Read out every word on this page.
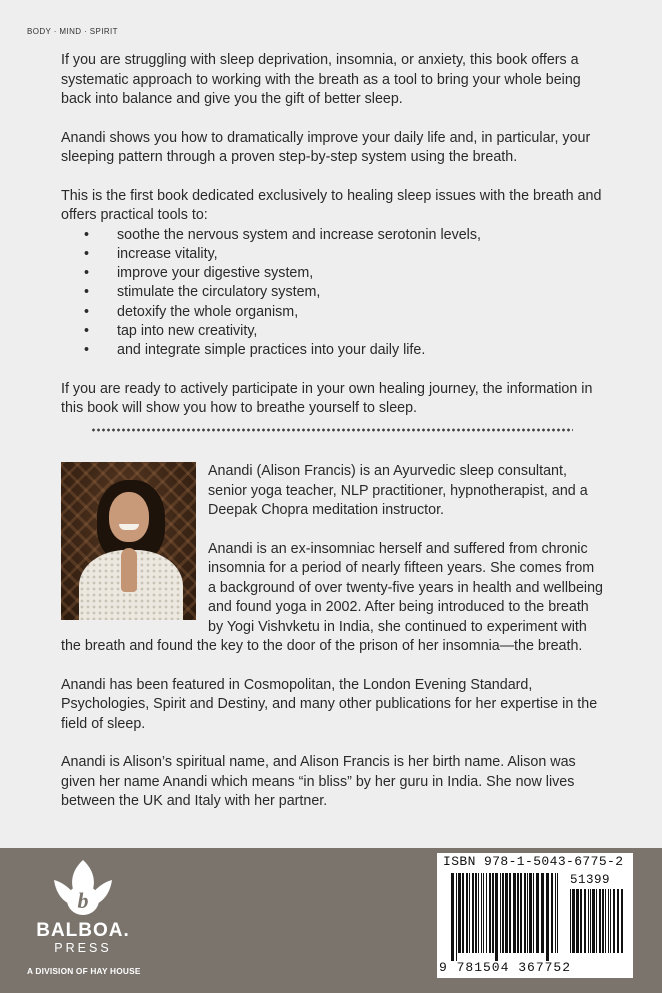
BODY · MIND · SPIRIT

If you are struggling with sleep deprivation, insomnia, or anxiety, this book offers a systematic approach to working with the breath as a tool to bring your whole being back into balance and give you the gift of better sleep.

Anandi shows you how to dramatically improve your daily life and, in particular, your sleeping pattern through a proven step-by-step system using the breath.

This is the first book dedicated exclusively to healing sleep issues with the breath and offers practical tools to:

• soothe the nervous system and increase serotonin levels,
• increase vitality,
• improve your digestive system,
• stimulate the circulatory system,
• detoxify the whole organism,
• tap into new creativity,
• and integrate simple practices into your daily life.

If you are ready to actively participate in your own healing journey, the information in this book will show you how to breathe yourself to sleep.

Anandi (Alison Francis) is an Ayurvedic sleep consultant, senior yoga teacher, NLP practitioner, hypnotherapist, and a Deepak Chopra meditation instructor.

Anandi is an ex-insomniac herself and suffered from chronic insomnia for a period of nearly fifteen years. She comes from a background of over twenty-five years in health and wellbeing and found yoga in 2002. After being introduced to the breath by Yogi Vishvketu in India, she continued to experiment with the breath and found the key to the door of the prison of her insomnia—the breath.

Anandi has been featured in Cosmopolitan, the London Evening Standard, Psychologies, Spirit and Destiny, and many other publications for her expertise in the field of sleep.

Anandi is Alison’s spiritual name, and Alison Francis is her birth name. Alison was given her name Anandi which means “in bliss” by her guru in India. She now lives between the UK and Italy with her partner.

b
BALBOA.
PRESS
A DIVISION OF HAY HOUSE
ISBN 978-1-5043-6775-2
51399
9 781504 367752
